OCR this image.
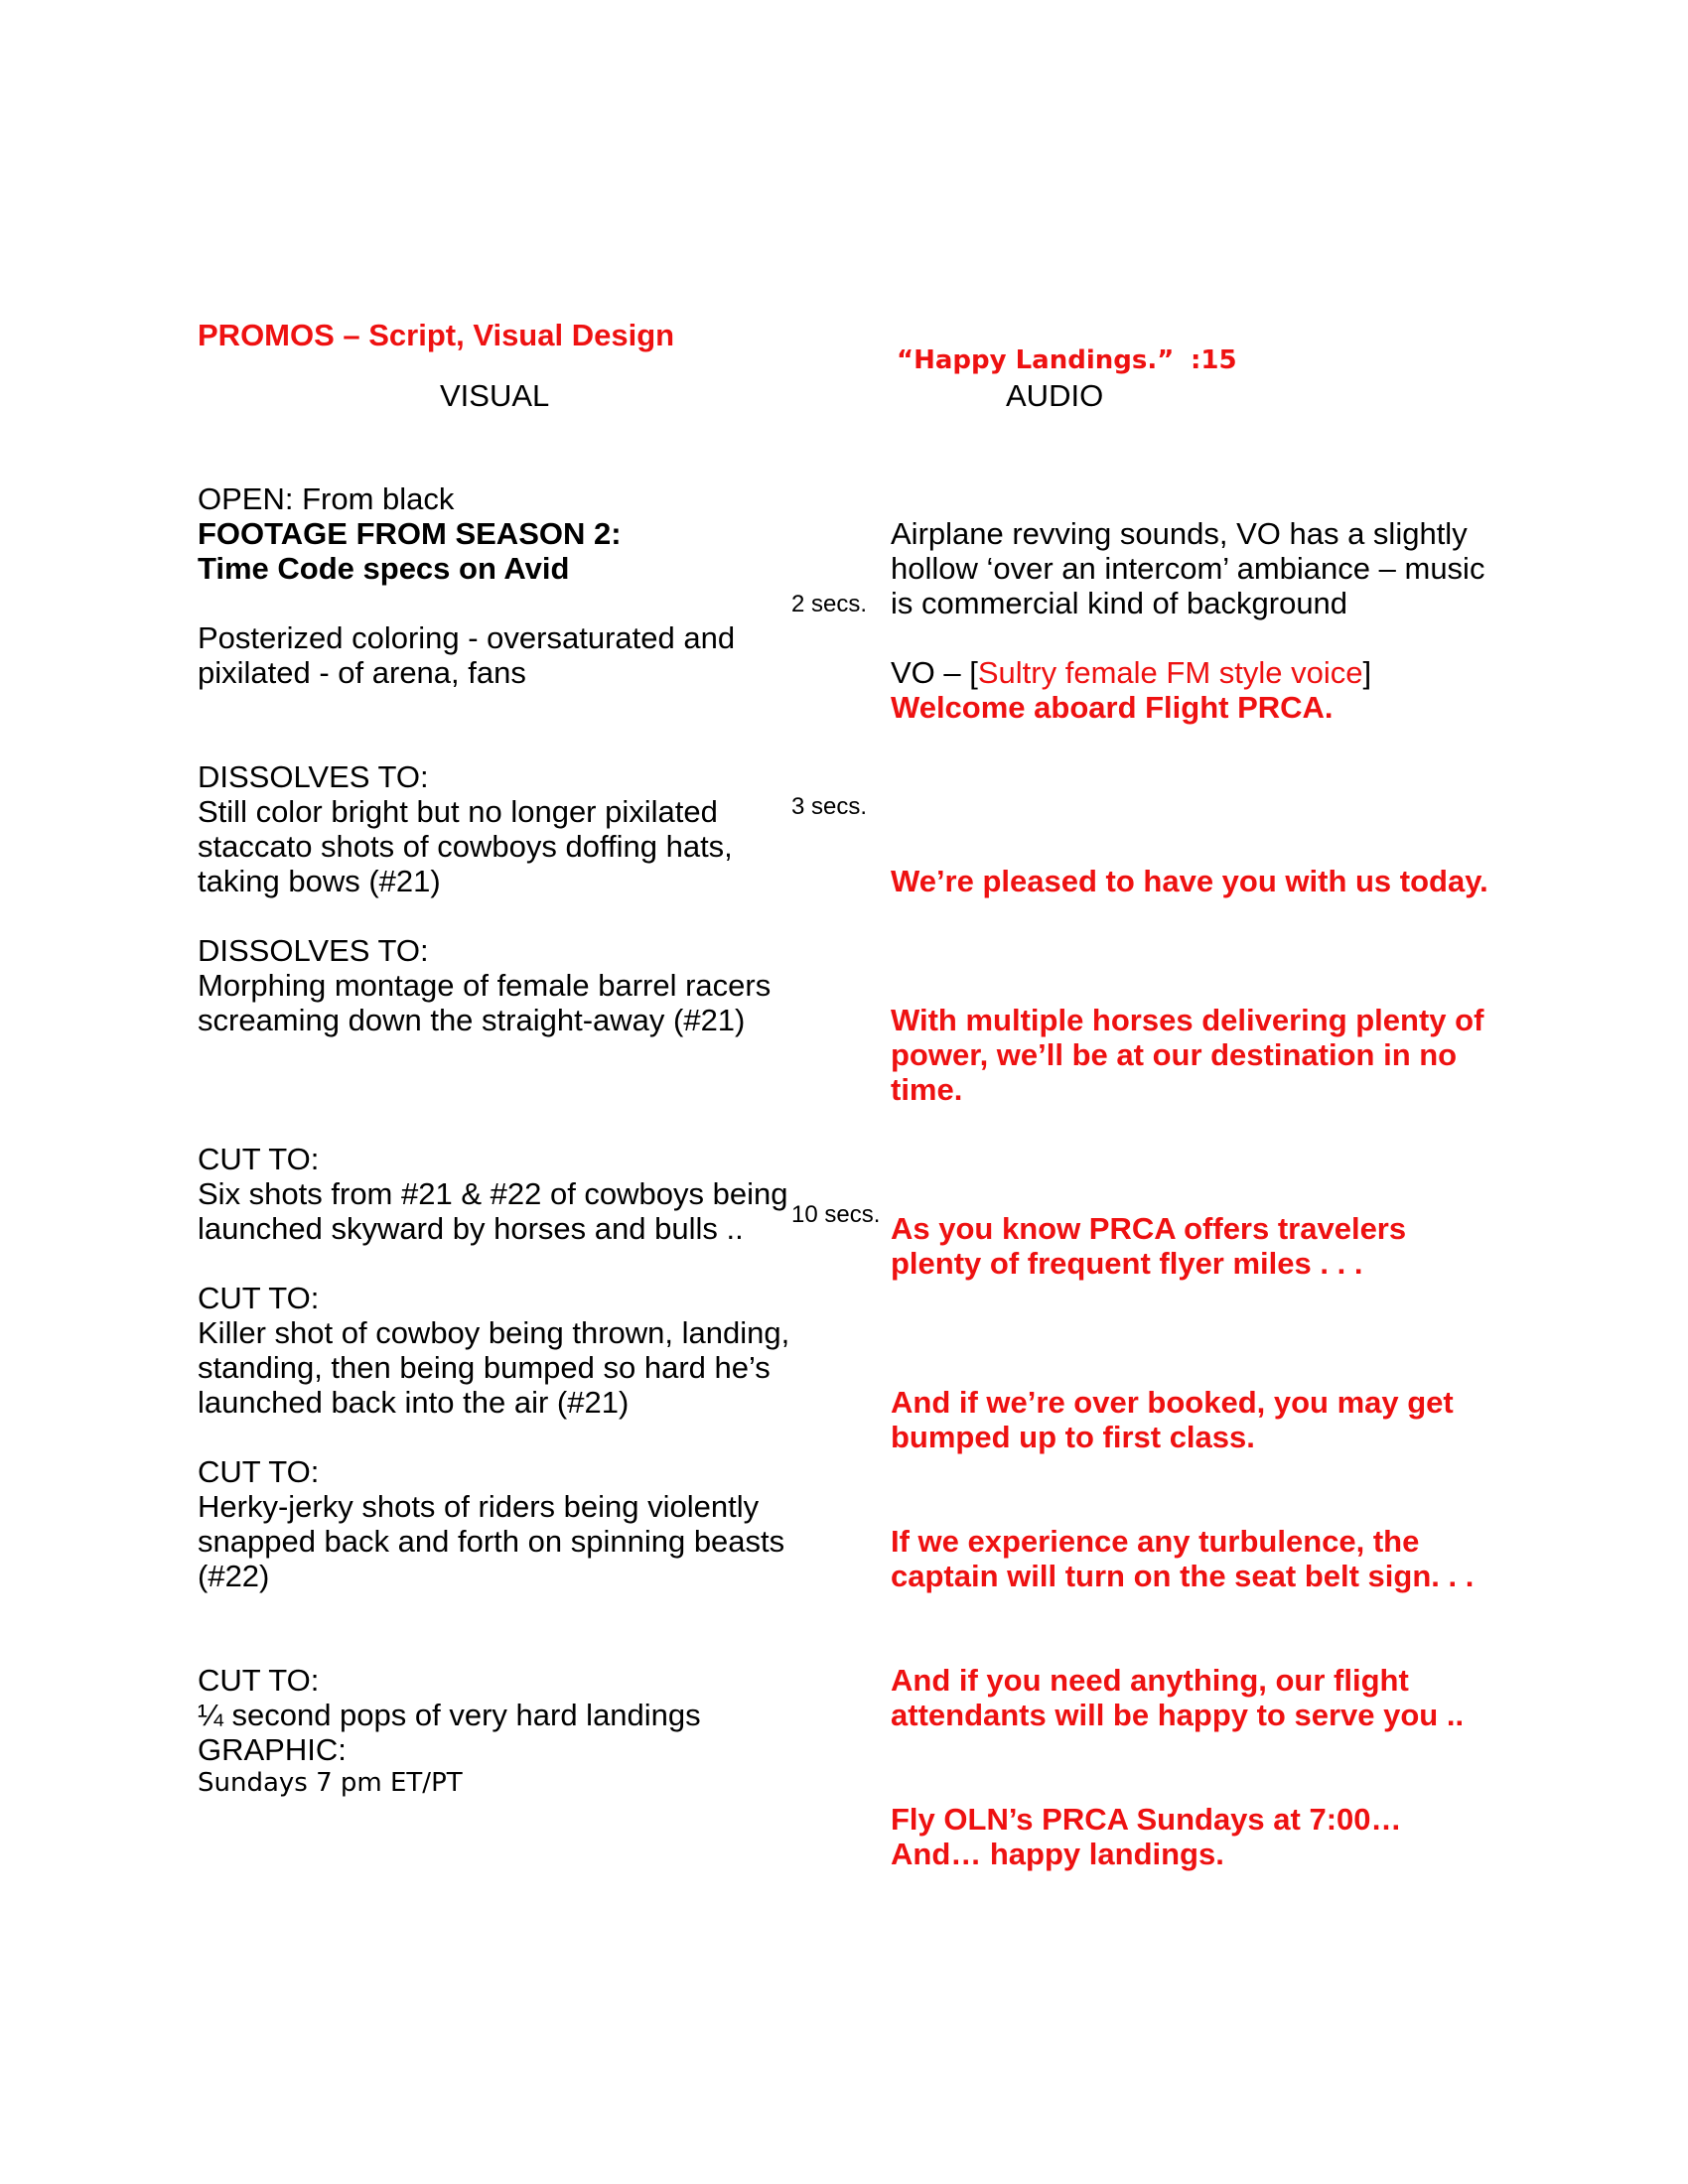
PROMOS – Script, Visual Design
“Happy Landings.” :15
VISUAL	AUDIO
OPEN: From black
FOOTAGE FROM SEASON 2:
Time Code specs on Avid
Posterized coloring - oversaturated and
pixilated - of arena, fans
DISSOLVES TO:
Still color bright but no longer pixilated
staccato shots of cowboys doffing hats,
taking bows (#21)
DISSOLVES TO:
Morphing montage of female barrel racers
screaming down the straight-away (#21)
CUT TO:
Six shots from #21 & #22 of cowboys being
launched skyward by horses and bulls ..
CUT TO:
Killer shot of cowboy being thrown, landing,
standing, then being bumped so hard he’s
launched back into the air (#21)
CUT TO:
Herky-jerky shots of riders being violently
snapped back and forth on spinning beasts
(#22)
CUT TO:
¼ second pops of very hard landings
GRAPHIC:
Sundays 7 pm ET/PT
2 secs.
3 secs.
10 secs.
Airplane revving sounds, VO has a slightly
hollow ‘over an intercom’ ambiance – music
is commercial kind of background
VO – [Sultry female FM style voice]
Welcome aboard Flight PRCA.
We’re pleased to have you with us today.
With multiple horses delivering plenty of
power, we’ll be at our destination in no
time.
As you know PRCA offers travelers
plenty of frequent flyer miles . . .
And if we’re over booked, you may get
bumped up to first class.
If we experience any turbulence, the
captain will turn on the seat belt sign. . .
And if you need anything, our flight
attendants will be happy to serve you ..
Fly OLN’s PRCA Sundays at 7:00…
And… happy landings.
